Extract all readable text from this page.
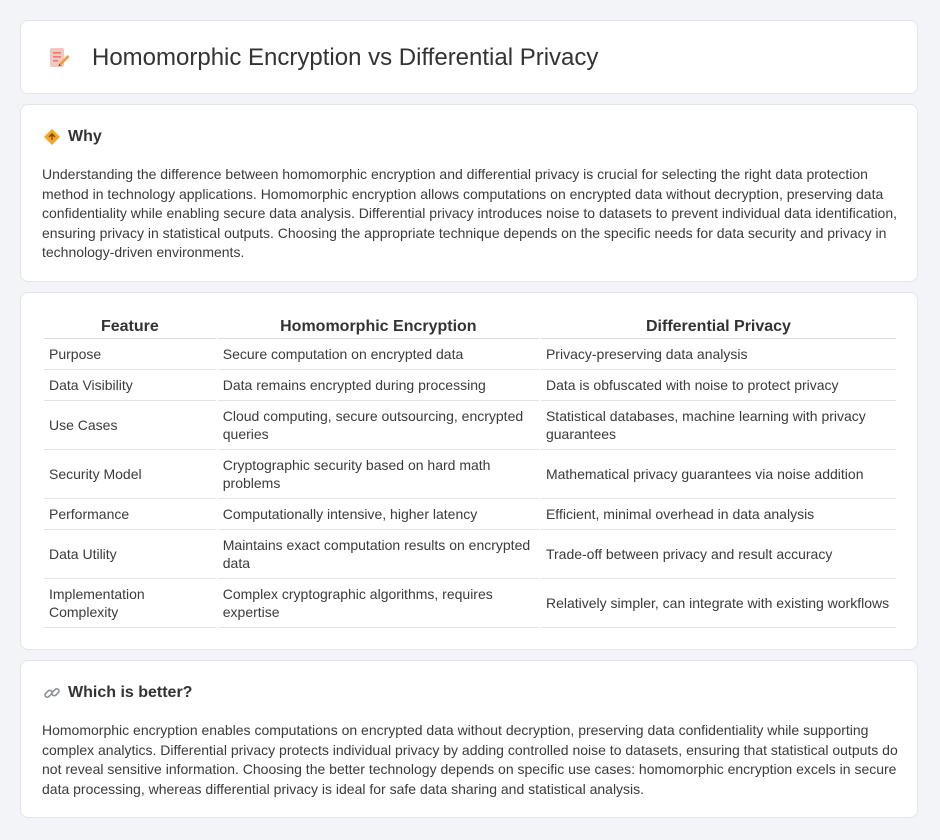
Homomorphic Encryption vs Differential Privacy
Why

Understanding the difference between homomorphic encryption and differential privacy is crucial for selecting the right data protection method in technology applications. Homomorphic encryption allows computations on encrypted data without decryption, preserving data confidentiality while enabling secure data analysis. Differential privacy introduces noise to datasets to prevent individual data identification, ensuring privacy in statistical outputs. Choosing the appropriate technique depends on the specific needs for data security and privacy in technology-driven environments.

Feature	Homomorphic Encryption	Differential Privacy
Purpose	Secure computation on encrypted data	Privacy-preserving data analysis
Data Visibility	Data remains encrypted during processing	Data is obfuscated with noise to protect privacy
Use Cases	Cloud computing, secure outsourcing, encrypted queries	Statistical databases, machine learning with privacy guarantees
Security Model	Cryptographic security based on hard math problems	Mathematical privacy guarantees via noise addition
Performance	Computationally intensive, higher latency	Efficient, minimal overhead in data analysis
Data Utility	Maintains exact computation results on encrypted data	Trade-off between privacy and result accuracy
Implementation Complexity	Complex cryptographic algorithms, requires expertise	Relatively simpler, can integrate with existing workflows
Which is better?

Homomorphic encryption enables computations on encrypted data without decryption, preserving data confidentiality while supporting complex analytics. Differential privacy protects individual privacy by adding controlled noise to datasets, ensuring that statistical outputs do not reveal sensitive information. Choosing the better technology depends on specific use cases: homomorphic encryption excels in secure data processing, whereas differential privacy is ideal for safe data sharing and statistical analysis.
